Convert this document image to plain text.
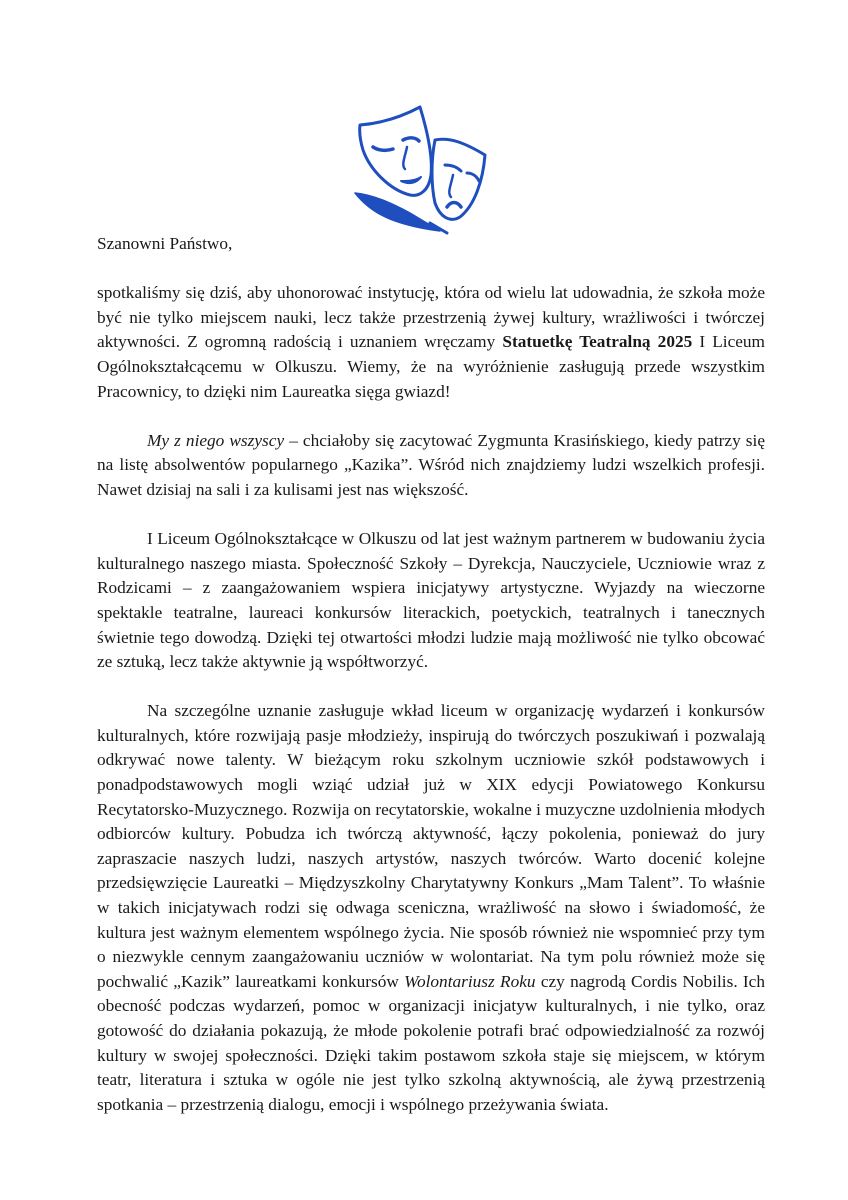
Szanowni Państwo,

spotkaliśmy się dziś, aby uhonorować instytucję, która od wielu lat udowadnia, że szkoła może być nie tylko miejscem nauki, lecz także przestrzenią żywej kultury, wrażliwości i twórczej aktywności. Z ogromną radością i uznaniem wręczamy Statuetkę Teatralną 2025 I Liceum Ogólnokształcącemu w Olkuszu. Wiemy, że na wyróżnienie zasługują przede wszystkim Pracownicy, to dzięki nim Laureatka sięga gwiazd!

My z niego wszyscy – chciałoby się zacytować Zygmunta Krasińskiego, kiedy patrzy się na listę absolwentów popularnego „Kazika”. Wśród nich znajdziemy ludzi wszelkich profesji. Nawet dzisiaj na sali i za kulisami jest nas większość.

I Liceum Ogólnokształcące w Olkuszu od lat jest ważnym partnerem w budowaniu życia kulturalnego naszego miasta. Społeczność Szkoły – Dyrekcja, Nauczyciele, Uczniowie wraz z Rodzicami – z zaangażowaniem wspiera inicjatywy artystyczne. Wyjazdy na wieczorne spektakle teatralne, laureaci konkursów literackich, poetyckich, teatralnych i tanecznych świetnie tego dowodzą. Dzięki tej otwartości młodzi ludzie mają możliwość nie tylko obcować ze sztuką, lecz także aktywnie ją współtworzyć.

Na szczególne uznanie zasługuje wkład liceum w organizację wydarzeń i konkursów kulturalnych, które rozwijają pasje młodzieży, inspirują do twórczych poszukiwań i pozwalają odkrywać nowe talenty. W bieżącym roku szkolnym uczniowie szkół podstawowych i ponadpodstawowych mogli wziąć udział już w XIX edycji Powiatowego Konkursu Recytatorsko-Muzycznego. Rozwija on recytatorskie, wokalne i muzyczne uzdolnienia młodych odbiorców kultury. Pobudza ich twórczą aktywność, łączy pokolenia, ponieważ do jury zapraszacie naszych ludzi, naszych artystów, naszych twórców. Warto docenić kolejne przedsięwzięcie Laureatki – Międzyszkolny Charytatywny Konkurs „Mam Talent”. To właśnie w takich inicjatywach rodzi się odwaga sceniczna, wrażliwość na słowo i świadomość, że kultura jest ważnym elementem wspólnego życia. Nie sposób również nie wspomnieć przy tym o niezwykle cennym zaangażowaniu uczniów w wolontariat. Na tym polu również może się pochwalić „Kazik” laureatkami konkursów Wolontariusz Roku czy nagrodą Cordis Nobilis. Ich obecność podczas wydarzeń, pomoc w organizacji inicjatyw kulturalnych, i nie tylko, oraz gotowość do działania pokazują, że młode pokolenie potrafi brać odpowiedzialność za rozwój kultury w swojej społeczności. Dzięki takim postawom szkoła staje się miejscem, w którym teatr, literatura i sztuka w ogóle nie jest tylko szkolną aktywnością, ale żywą przestrzenią spotkania – przestrzenią dialogu, emocji i wspólnego przeżywania świata.
